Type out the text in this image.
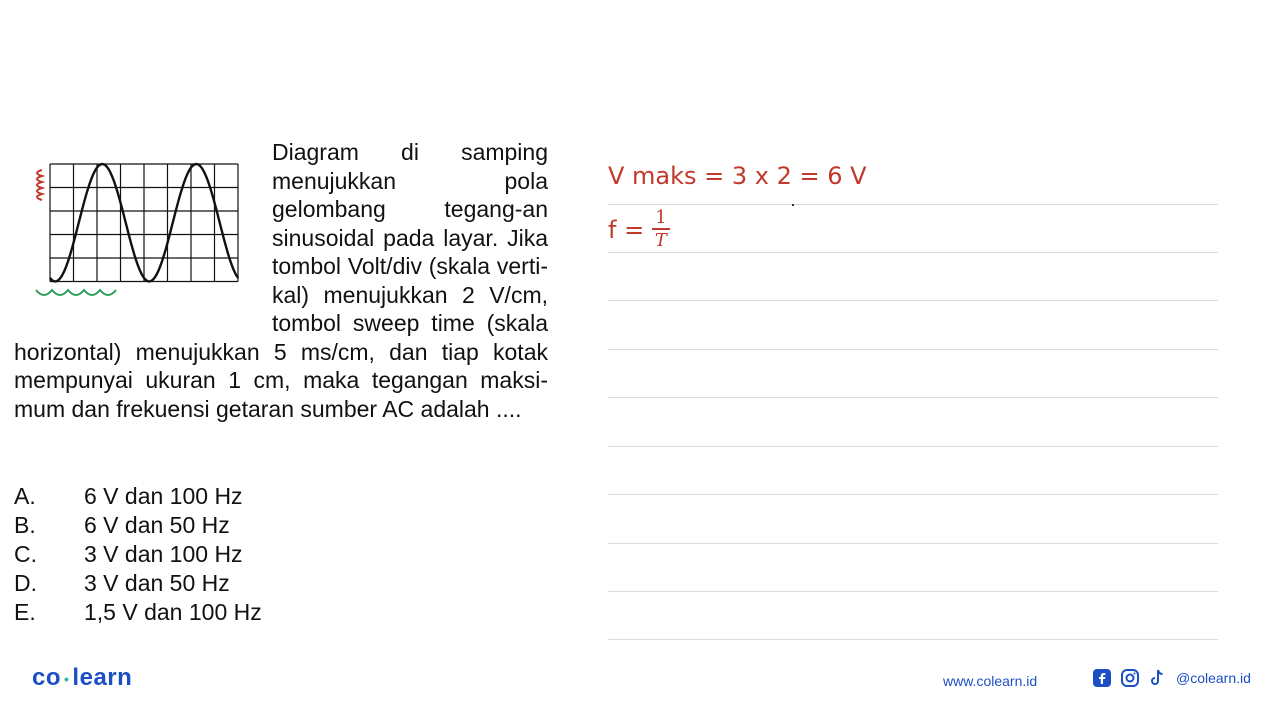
Diagram di samping menujukkan pola gelombang tegang-an sinusoidal pada layar. Jika tombol Volt/div (skala verti-kal) menujukkan 2 V/cm, tombol sweep time (skala horizontal) menujukkan 5 ms/cm, dan tiap kotak mempunyai ukuran 1 cm, maka tegangan maksi-mum dan frekuensi getaran sumber AC adalah ....

A.	6 V dan 100 Hz
B.	6 V dan 50 Hz
C.	3 V dan 100 Hz
D.	3 V dan 50 Hz
E.	1,5 V dan 100 Hz
V maks = 3 x 2 = 6 V
$f = \frac{1}{T}$
co • learn	www.colearn.id	@colearn.id
